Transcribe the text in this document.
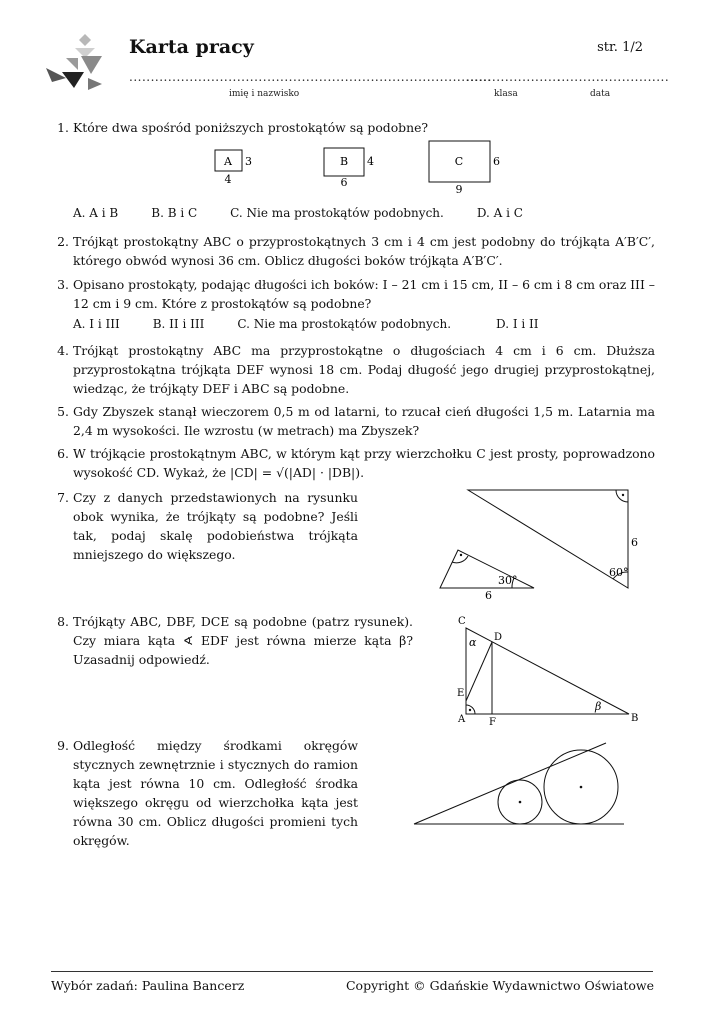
Karta pracy	str. 1/2
....................................................................................
......................
..........................
imię i nazwisko	klasa	data
1. Które dwa spośród poniższych prostokątów są podobne?
A 3
4
B 4
6
C	6
9
A. A i B	B. B i C	C. Nie ma prostokątów podobnych.	D. A i C
2. Trójkąt prostokątny ABC o przyprostokątnych 3 cm i 4 cm jest podobny do trójkąta A′B′C′, którego obwód wynosi 36 cm. Oblicz długości boków trójkąta A′B′C′.
3. Opisano prostokąty, podając długości ich boków: I – 21 cm i 15 cm, II – 6 cm i 8 cm oraz III – 12 cm i 9 cm. Które z prostokątów są podobne?
A. I i III	B. II i III	C. Nie ma prostokątów podobnych.	D. I i II
4. Trójkąt prostokątny ABC ma przyprostokątne o długościach 4 cm i 6 cm. Dłuższa przyprostokątna trójkąta DEF wynosi 18 cm. Podaj długość jego drugiej przyprostokątnej, wiedząc, że trójkąty DEF i ABC są podobne.
5. Gdy Zbyszek stanął wieczorem 0,5 m od latarni, to rzucał cień długości 1,5 m. Latarnia ma 2,4 m wysokości. Ile wzrostu (w metrach) ma Zbyszek?
6. W trójkącie prostokątnym ABC, w którym kąt przy wierzchołku C jest prosty, poprowadzono wysokość CD. Wykaż, że |CD| = √(|AD| · |DB|).
7. Czy z danych przedstawionych na rysunku obok wynika, że trójkąty są podobne? Jeśli tak, podaj skalę podobieństwa trójkąta mniejszego do większego.
60°
6
30°
6
8. Trójkąty ABC, DBF, DCE są podobne (patrz rysunek). Czy miara kąta ∢ EDF jest równa mierze kąta β? Uzasadnij odpowiedź.
C
D
E
A F	B
α
β
9. Odległość między środkami okręgów stycznych zewnętrznie i stycznych do ramion kąta jest równa 10 cm. Odległość środka większego okręgu od wierzchołka kąta jest równa 30 cm. Oblicz długości promieni tych okręgów.
Wybór zadań: Paulina Bancerz	Copyright © Gdańskie Wydawnictwo Oświatowe
